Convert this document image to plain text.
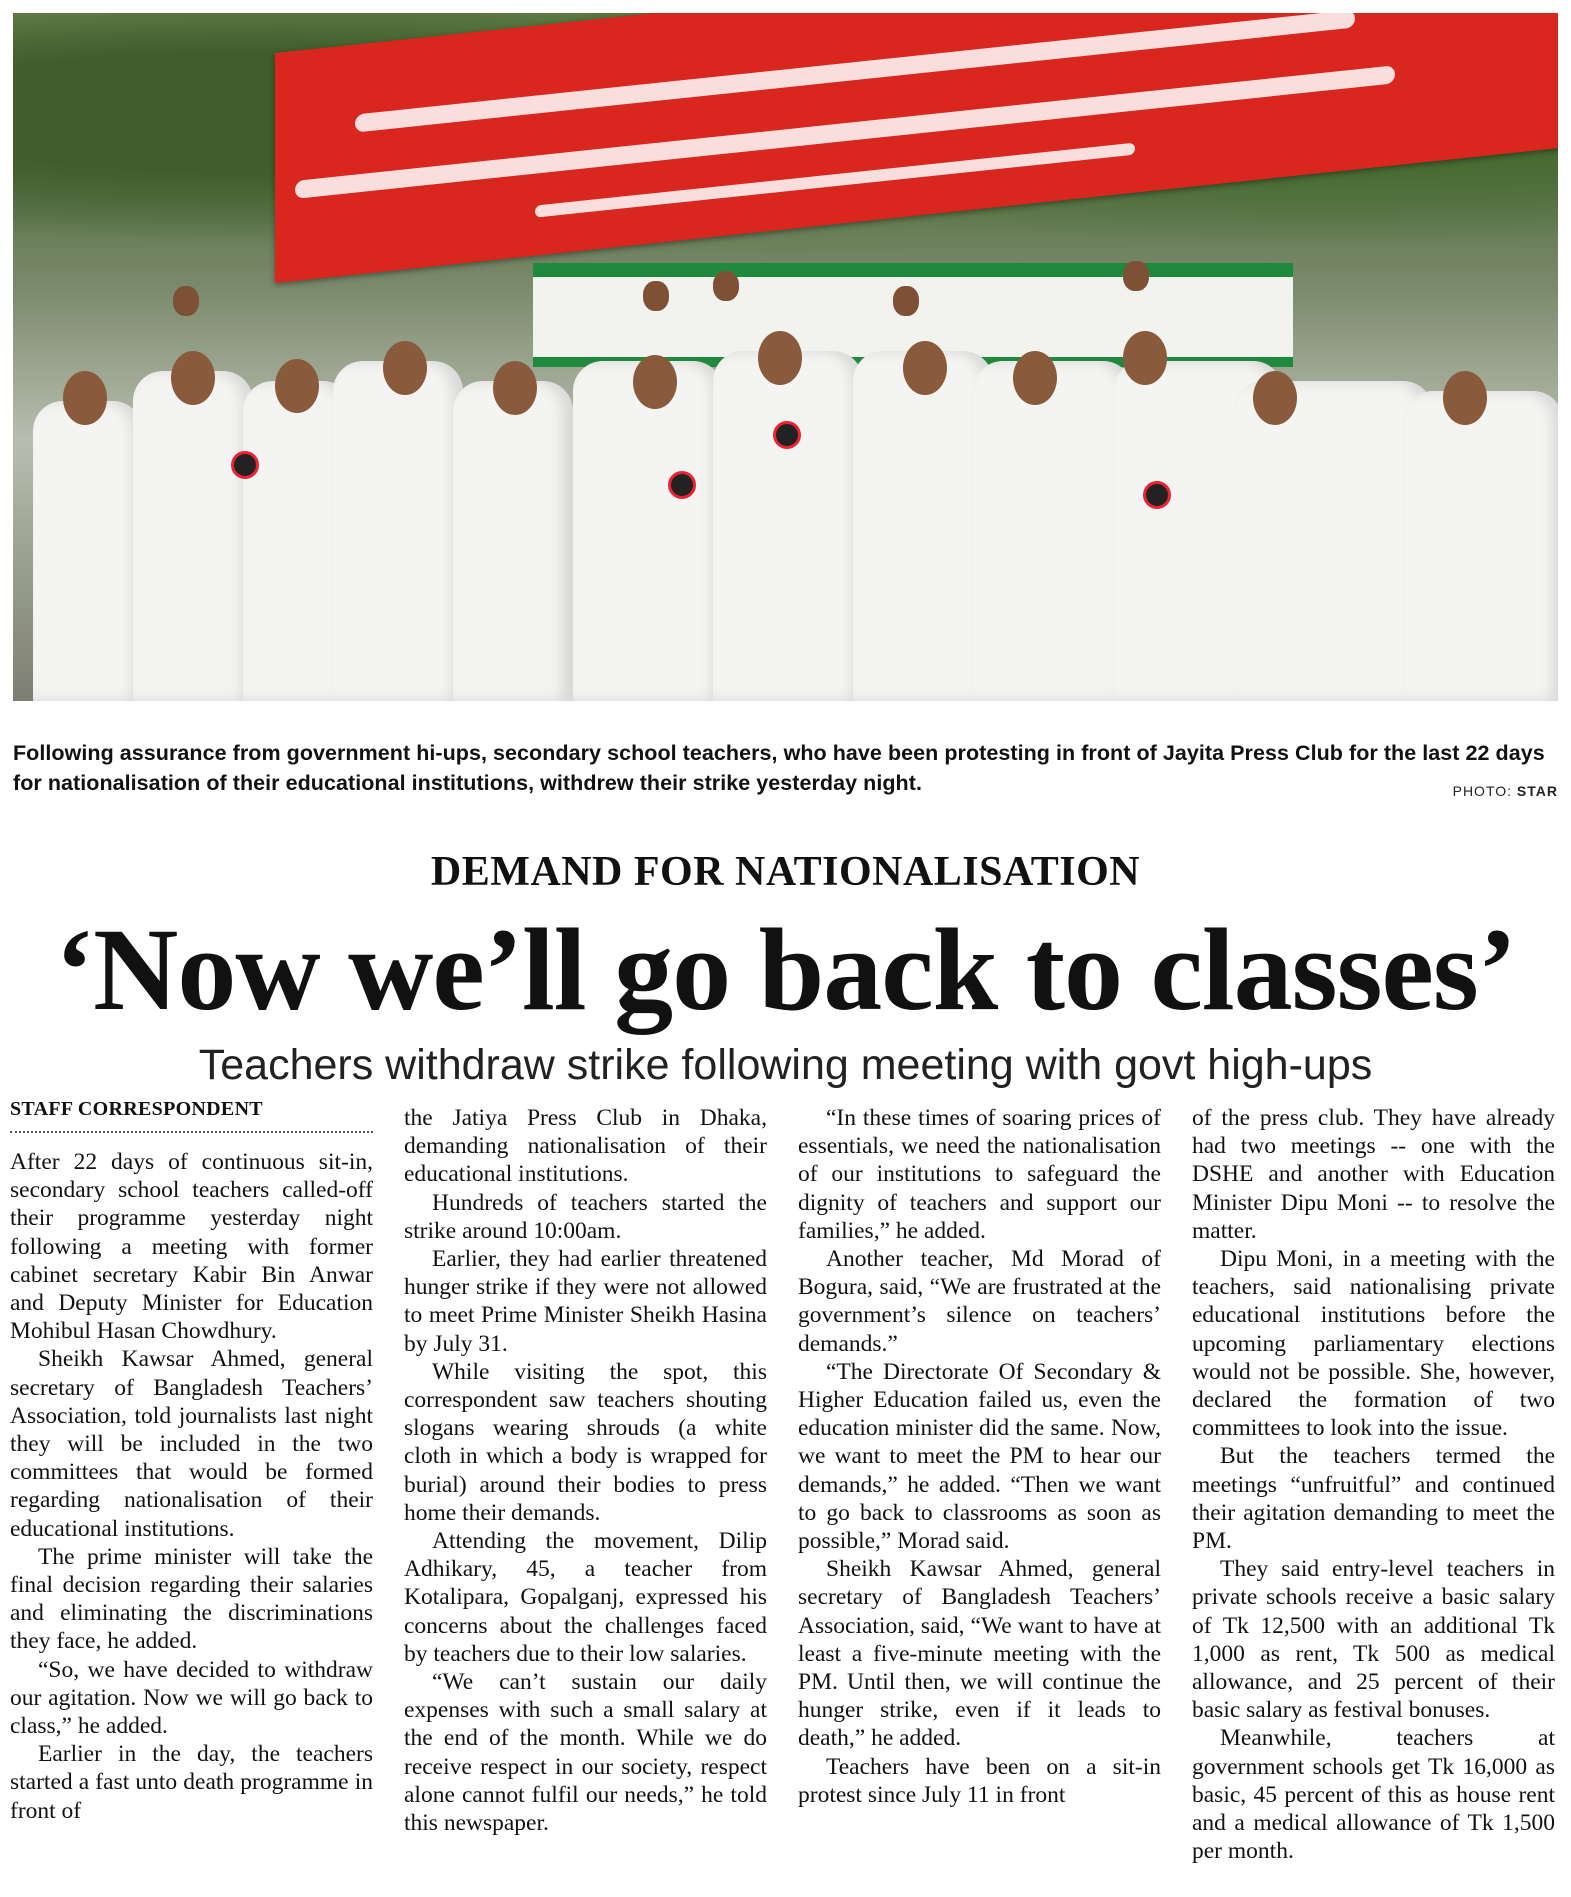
Following assurance from government hi-ups, secondary school teachers, who have been protesting in front of Jayita Press Club for the last 22 days for nationalisation of their educational institutions, withdrew their strike yesterday night.	PHOTO: STAR
DEMAND FOR NATIONALISATION
‘Now we’ll go back to classes’
Teachers withdraw strike following meeting with govt high-ups
STAFF CORRESPONDENT

After 22 days of continuous sit-in, secondary school teachers called-off their programme yesterday night following a meeting with former cabinet secretary Kabir Bin Anwar and Deputy Minister for Education Mohibul Hasan Chowdhury.

Sheikh Kawsar Ahmed, general secretary of Bangladesh Teachers’ Association, told journalists last night they will be included in the two committees that would be formed regarding nationalisation of their educational institutions.

The prime minister will take the final decision regarding their salaries and eliminating the discriminations they face, he added.

“So, we have decided to withdraw our agitation. Now we will go back to class,” he added.

Earlier in the day, the teachers started a fast unto death programme in front of

the Jatiya Press Club in Dhaka, demanding nationalisation of their educational institutions.

Hundreds of teachers started the strike around 10:00am.

Earlier, they had earlier threatened hunger strike if they were not allowed to meet Prime Minister Sheikh Hasina by July 31.

While visiting the spot, this correspondent saw teachers shouting slogans wearing shrouds (a white cloth in which a body is wrapped for burial) around their bodies to press home their demands.

Attending the movement, Dilip Adhikary, 45, a teacher from Kotalipara, Gopalganj, expressed his concerns about the challenges faced by teachers due to their low salaries.

“We can’t sustain our daily expenses with such a small salary at the end of the month. While we do receive respect in our society, respect alone cannot fulfil our needs,” he told this newspaper.

“In these times of soaring prices of essentials, we need the nationalisation of our institutions to safeguard the dignity of teachers and support our families,” he added.

Another teacher, Md Morad of Bogura, said, “We are frustrated at the government’s silence on teachers’ demands.”

“The Directorate Of Secondary & Higher Education failed us, even the education minister did the same. Now, we want to meet the PM to hear our demands,” he added. “Then we want to go back to classrooms as soon as possible,” Morad said.

Sheikh Kawsar Ahmed, general secretary of Bangladesh Teachers’ Association, said, “We want to have at least a five-minute meeting with the PM. Until then, we will continue the hunger strike, even if it leads to death,” he added.

Teachers have been on a sit-in protest since July 11 in front

of the press club. They have already had two meetings -- one with the DSHE and another with Education Minister Dipu Moni -- to resolve the matter.

Dipu Moni, in a meeting with the teachers, said nationalising private educational institutions before the upcoming parliamentary elections would not be possible. She, however, declared the formation of two committees to look into the issue.

But the teachers termed the meetings “unfruitful” and continued their agitation demanding to meet the PM.

They said entry-level teachers in private schools receive a basic salary of Tk 12,500 with an additional Tk 1,000 as rent, Tk 500 as medical allowance, and 25 percent of their basic salary as festival bonuses.

Meanwhile, teachers at government schools get Tk 16,000 as basic, 45 percent of this as house rent and a medical allowance of Tk 1,500 per month.
